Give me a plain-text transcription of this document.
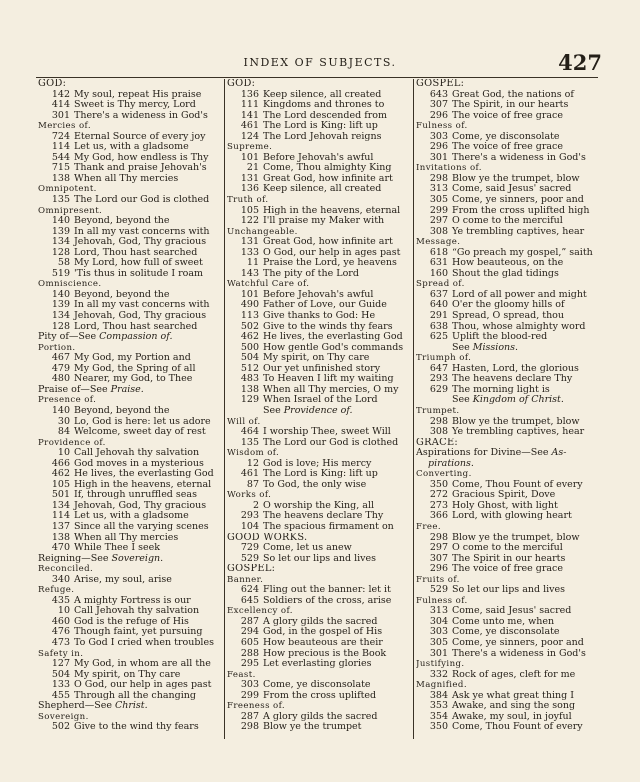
INDEX OF SUBJECTS.	427
GOD:
142 My soul, repeat His praise
414 Sweet is Thy mercy, Lord
301 There's a wideness in God's
Mercies of.
724 Eternal Source of every joy
114 Let us, with a gladsome
544 My God, how endless is Thy
715 Thank and praise Jehovah's
138 When all Thy mercies
Omnipotent.
135 The Lord our God is clothed
Omnipresent.
140 Beyond, beyond the
139 In all my vast concerns with
134 Jehovah, God, Thy gracious
128 Lord, Thou hast searched
58 My Lord, how full of sweet
519 'Tis thus in solitude I roam
Omniscience.
140 Beyond, beyond the
139 In all my vast concerns with
134 Jehovah, God, Thy gracious
128 Lord, Thou hast searched
Pity of—See Compassion of.
Portion.
467 My God, my Portion and
479 My God, the Spring of all
480 Nearer, my God, to Thee
Praise of—See Praise.
Presence of.
140 Beyond, beyond the
30 Lo, God is here: let us adore
84 Welcome, sweet day of rest
Providence of.
10 Call Jehovah thy salvation
466 God moves in a mysterious
462 He lives, the everlasting God
105 High in the heavens, eternal
501 If, through unruffled seas
134 Jehovah, God, Thy gracious
114 Let us, with a gladsome
137 Since all the varying scenes
138 When all Thy mercies
470 While Thee I seek
Reigning—See Sovereign.
Reconciled.
340 Arise, my soul, arise
Refuge.
435 A mighty Fortress is our
10 Call Jehovah thy salvation
460 God is the refuge of His
476 Though faint, yet pursuing
473 To God I cried when troubles
Safety in.
127 My God, in whom are all the
504 My spirit, on Thy care
133 O God, our help in ages past
455 Through all the changing
Shepherd—See Christ.
Sovereign.
502 Give to the wind thy fears
GOD:
136 Keep silence, all created
111 Kingdoms and thrones to
141 The Lord descended from
461 The Lord is King: lift up
124 The Lord Jehovah reigns
Supreme.
101 Before Jehovah's awful
21 Come, Thou almighty King
131 Great God, how infinite art
136 Keep silence, all created
Truth of.
105 High in the heavens, eternal
122 I'll praise my Maker with
Unchangeable.
131 Great God, how infinite art
133 O God, our help in ages past
11 Praise the Lord, ye heavens
143 The pity of the Lord
Watchful Care of.
101 Before Jehovah's awful
490 Father of Love, our Guide
113 Give thanks to God: He
502 Give to the winds thy fears
462 He lives, the everlasting God
500 How gentle God's commands
504 My spirit, on Thy care
512 Our yet unfinished story
483 To Heaven I lift my waiting
138 When all Thy mercies, O my
129 When Israel of the Lord
See Providence of.
Will of.
464 I worship Thee, sweet Will
135 The Lord our God is clothed
Wisdom of.
12 God is love; His mercy
461 The Lord is King: lift up
87 To God, the only wise
Works of.
2 O worship the King, all
293 The heavens declare Thy
104 The spacious firmament on
GOOD WORKS.
729 Come, let us anew
529 So let our lips and lives
GOSPEL:
Banner.
624 Fling out the banner: let it
645 Soldiers of the cross, arise
Excellency of.
287 A glory gilds the sacred
294 God, in the gospel of His
605 How beauteous are their
288 How precious is the Book
295 Let everlasting glories
Feast.
303 Come, ye disconsolate
299 From the cross uplifted
Freeness of.
287 A glory gilds the sacred
298 Blow ye the trumpet
GOSPEL:
643 Great God, the nations of
307 The Spirit, in our hearts
296 The voice of free grace
Fulness of.
303 Come, ye disconsolate
296 The voice of free grace
301 There's a wideness in God's
Invitations of.
298 Blow ye the trumpet, blow
313 Come, said Jesus' sacred
305 Come, ye sinners, poor and
299 From the cross uplifted high
297 O come to the merciful
308 Ye trembling captives, hear
Message.
618 “Go preach my gospel,” saith
631 How beauteous, on the
160 Shout the glad tidings
Spread of.
637 Lord of all power and might
640 O'er the gloomy hills of
291 Spread, O spread, thou
638 Thou, whose almighty word
625 Uplift the blood-red
See Missions.
Triumph of.
647 Hasten, Lord, the glorious
293 The heavens declare Thy
629 The morning light is
See Kingdom of Christ.
Trumpet.
298 Blow ye the trumpet, blow
308 Ye trembling captives, hear
GRACE:
Aspirations for Divine—See As-
pirations.
Converting.
350 Come, Thou Fount of every
272 Gracious Spirit, Dove
273 Holy Ghost, with light
366 Lord, with glowing heart
Free.
298 Blow ye the trumpet, blow
297 O come to the merciful
307 The Spirit in our hearts
296 The voice of free grace
Fruits of.
529 So let our lips and lives
Fulness of.
313 Come, said Jesus' sacred
304 Come unto me, when
303 Come, ye disconsolate
305 Come, ye sinners, poor and
301 There's a wideness in God's
Justifying.
332 Rock of ages, cleft for me
Magnified.
384 Ask ye what great thing I
353 Awake, and sing the song
354 Awake, my soul, in joyful
350 Come, Thou Fount of every
